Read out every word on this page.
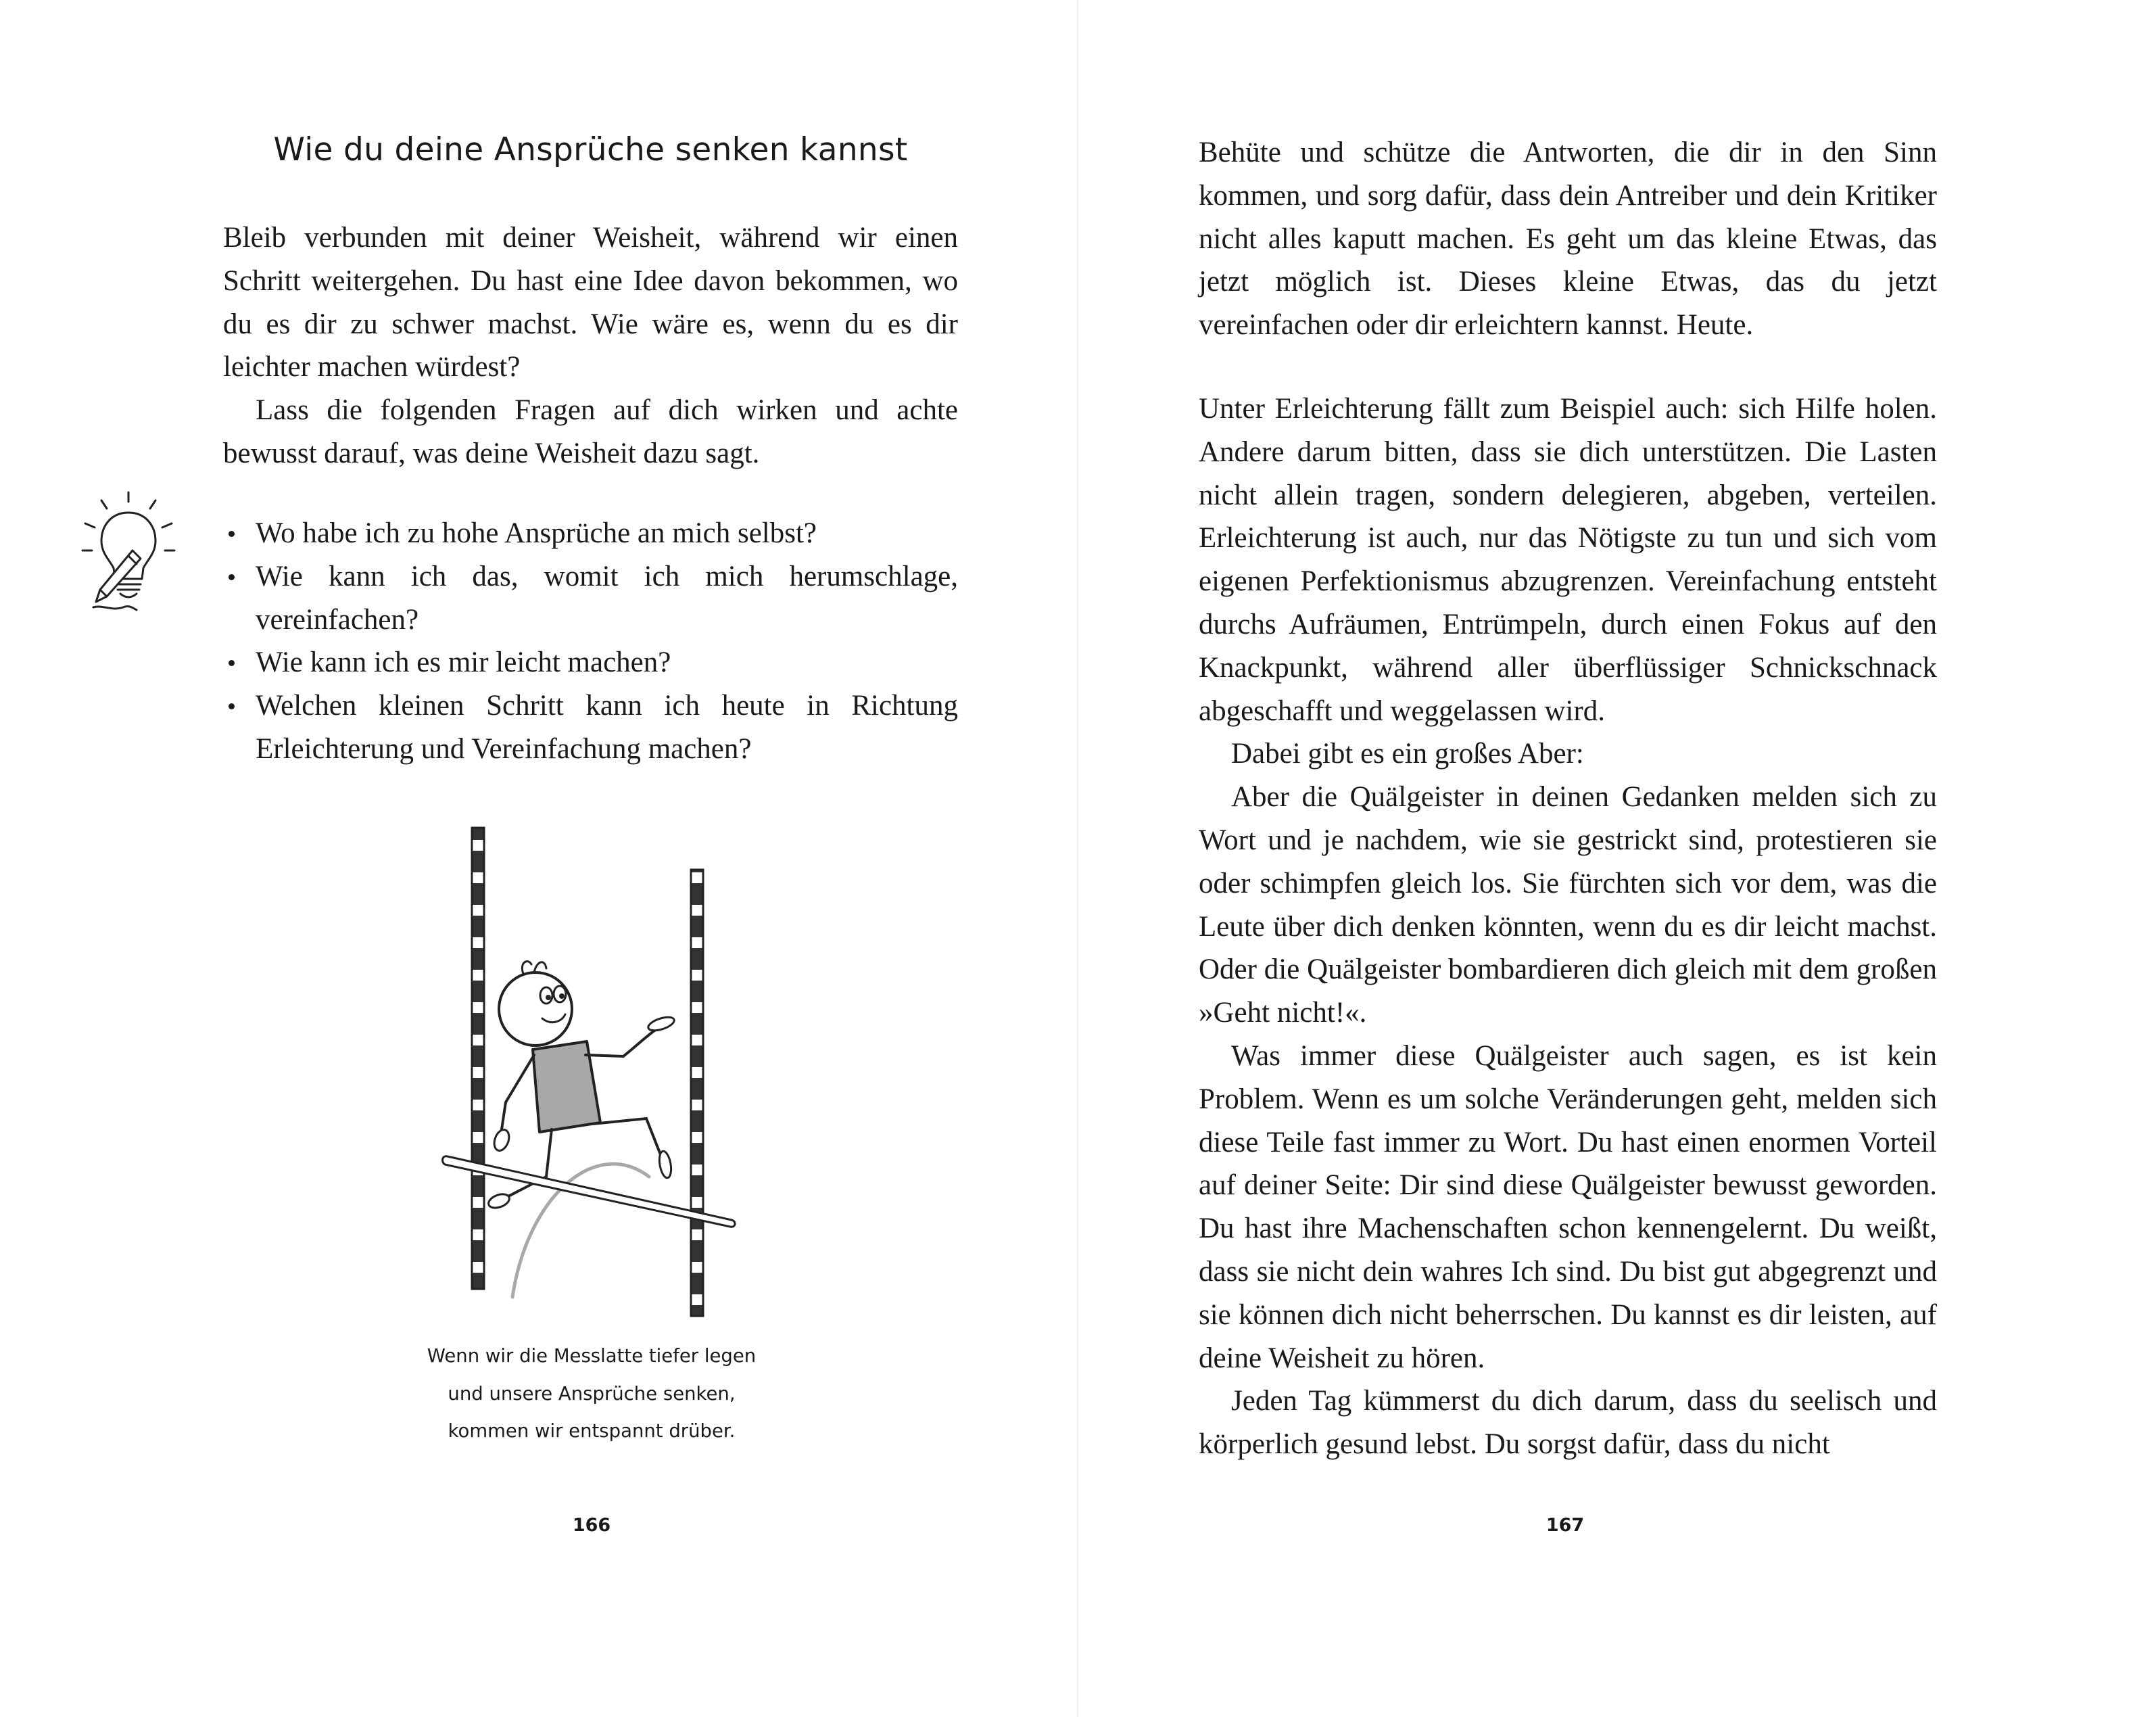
Wie du deine Ansprüche senken kannst

Bleib verbunden mit deiner Weisheit, während wir einen Schritt weitergehen. Du hast eine Idee davon bekommen, wo du es dir zu schwer machst. Wie wäre es, wenn du es dir leichter machen würdest?

Lass die folgenden Fragen auf dich wirken und achte bewusst darauf, was deine Weisheit dazu sagt.

Wo habe ich zu hohe Ansprüche an mich selbst?
Wie kann ich das, womit ich mich herumschlage, vereinfachen?
Wie kann ich es mir leicht machen?
Welchen kleinen Schritt kann ich heute in Richtung Erleichterung und Vereinfachung machen?
Wenn wir die Messlatte tiefer legen
und unsere Ansprüche senken,
kommen wir entspannt drüber.

166

Behüte und schütze die Antworten, die dir in den Sinn kommen, und sorg dafür, dass dein Antreiber und dein Kritiker nicht alles kaputt machen. Es geht um das kleine Etwas, das jetzt möglich ist. Dieses kleine Etwas, das du jetzt vereinfachen oder dir erleichtern kannst. Heute.

Unter Erleichterung fällt zum Beispiel auch: sich Hilfe holen. Andere darum bitten, dass sie dich unterstützen. Die Lasten nicht allein tragen, sondern delegieren, abgeben, verteilen. Erleichterung ist auch, nur das Nötigste zu tun und sich vom eigenen Perfektionismus abzugrenzen. Vereinfachung entsteht durchs Aufräumen, Entrümpeln, durch einen Fokus auf den Knackpunkt, während aller überflüssiger Schnickschnack abgeschafft und weggelassen wird.

Dabei gibt es ein großes Aber:

Aber die Quälgeister in deinen Gedanken melden sich zu Wort und je nachdem, wie sie gestrickt sind, protestieren sie oder schimpfen gleich los. Sie fürchten sich vor dem, was die Leute über dich denken könnten, wenn du es dir leicht machst. Oder die Quälgeister bombardieren dich gleich mit dem großen »Geht nicht!«.

Was immer diese Quälgeister auch sagen, es ist kein Problem. Wenn es um solche Veränderungen geht, melden sich diese Teile fast immer zu Wort. Du hast einen enormen Vorteil auf deiner Seite: Dir sind diese Quälgeister bewusst geworden. Du hast ihre Machenschaften schon kennengelernt. Du weißt, dass sie nicht dein wahres Ich sind. Du bist gut abgegrenzt und sie können dich nicht beherrschen. Du kannst es dir leisten, auf deine Weisheit zu hören.

Jeden Tag kümmerst du dich darum, dass du seelisch und körperlich gesund lebst. Du sorgst dafür, dass du nicht

167
